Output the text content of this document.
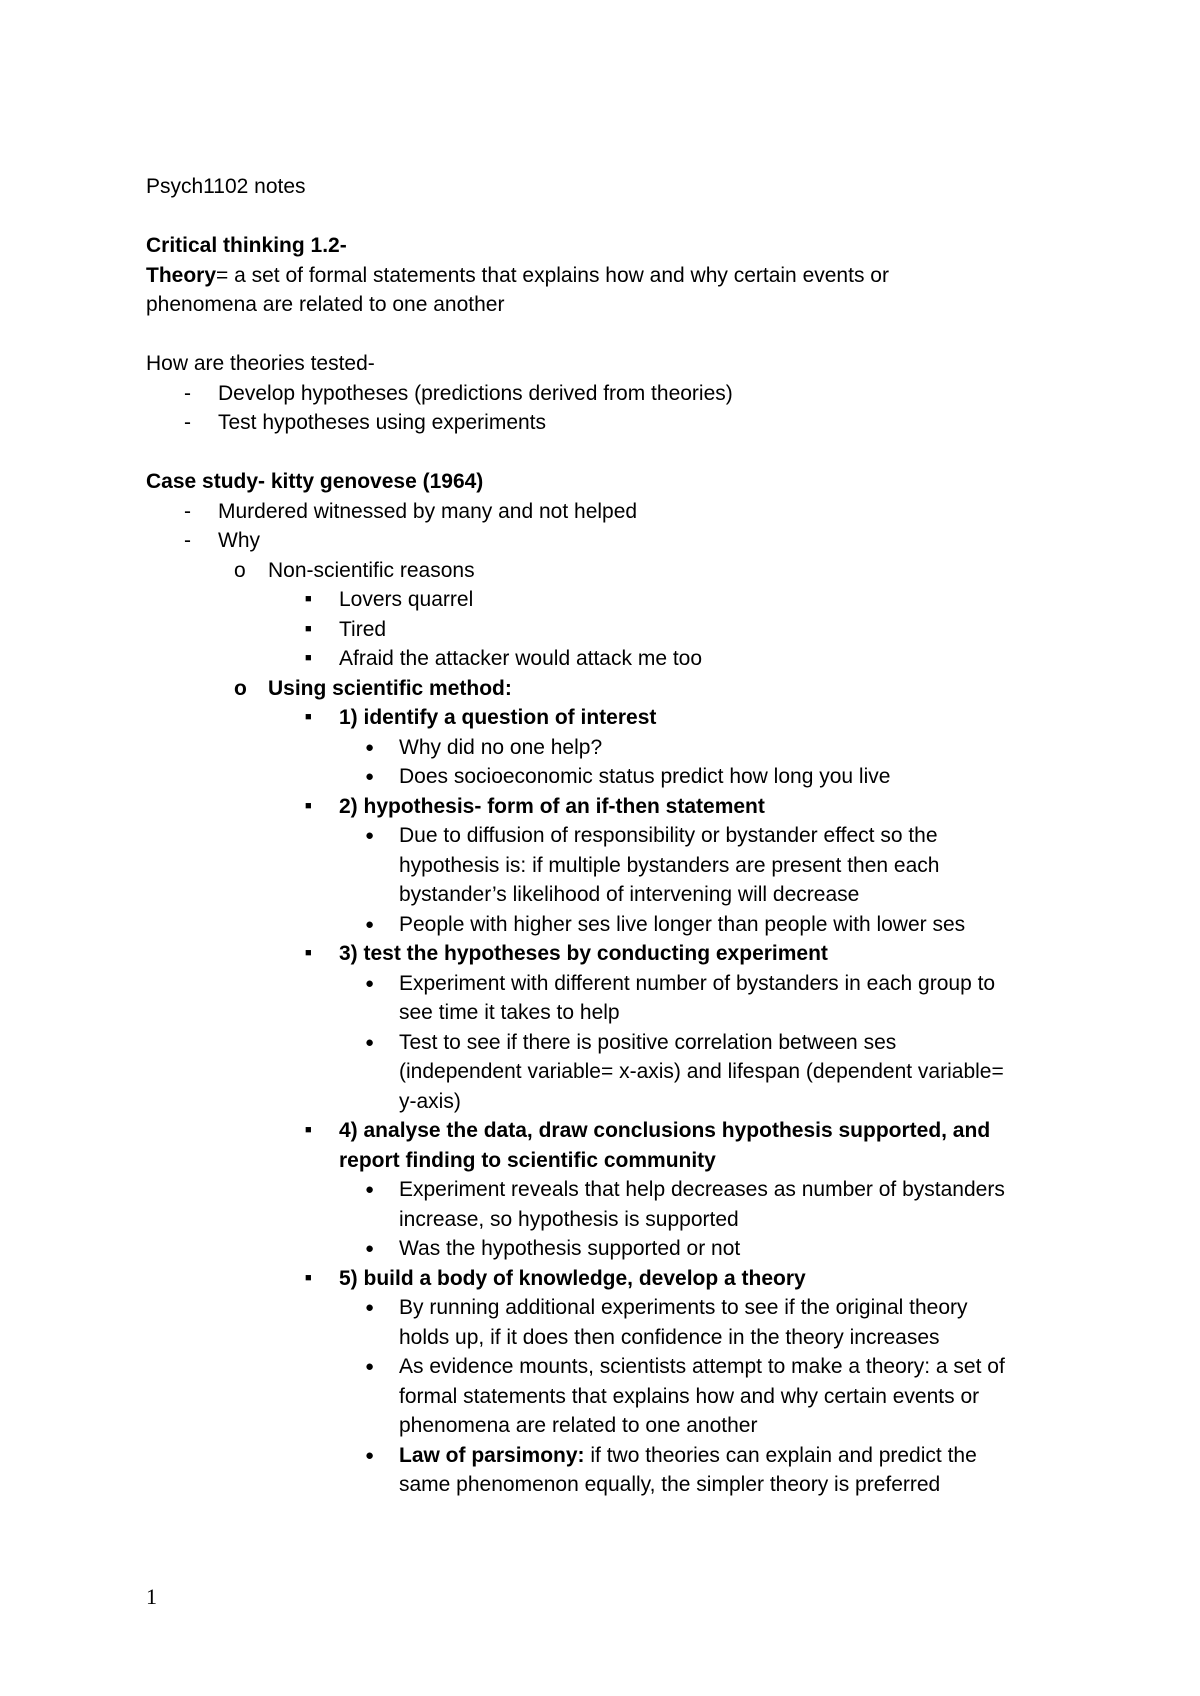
Psych1102 notes
Critical thinking 1.2-
Theory= a set of formal statements that explains how and why certain events or
phenomena are related to one another
How are theories tested-
- Develop hypotheses (predictions derived from theories)
- Test hypotheses using experiments
Case study- kitty genovese (1964)
- Murdered witnessed by many and not helped
- Why
o Non-scientific reasons
■ Lovers quarrel
■ Tired
■ Afraid the attacker would attack me too
o Using scientific method:
■ 1) identify a question of interest
● Why did no one help?
● Does socioeconomic status predict how long you live
■ 2) hypothesis- form of an if-then statement
● Due to diffusion of responsibility or bystander effect so the
hypothesis is: if multiple bystanders are present then each
bystander’s likelihood of intervening will decrease
● People with higher ses live longer than people with lower ses
■ 3) test the hypotheses by conducting experiment
● Experiment with different number of bystanders in each group to
see time it takes to help
● Test to see if there is positive correlation between ses
(independent variable= x-axis) and lifespan (dependent variable=
y-axis)
■ 4) analyse the data, draw conclusions hypothesis supported, and
report finding to scientific community
● Experiment reveals that help decreases as number of bystanders
increase, so hypothesis is supported
● Was the hypothesis supported or not
■ 5) build a body of knowledge, develop a theory
● By running additional experiments to see if the original theory
holds up, if it does then confidence in the theory increases
● As evidence mounts, scientists attempt to make a theory: a set of
formal statements that explains how and why certain events or
phenomena are related to one another
● Law of parsimony: if two theories can explain and predict the
same phenomenon equally, the simpler theory is preferred
1
